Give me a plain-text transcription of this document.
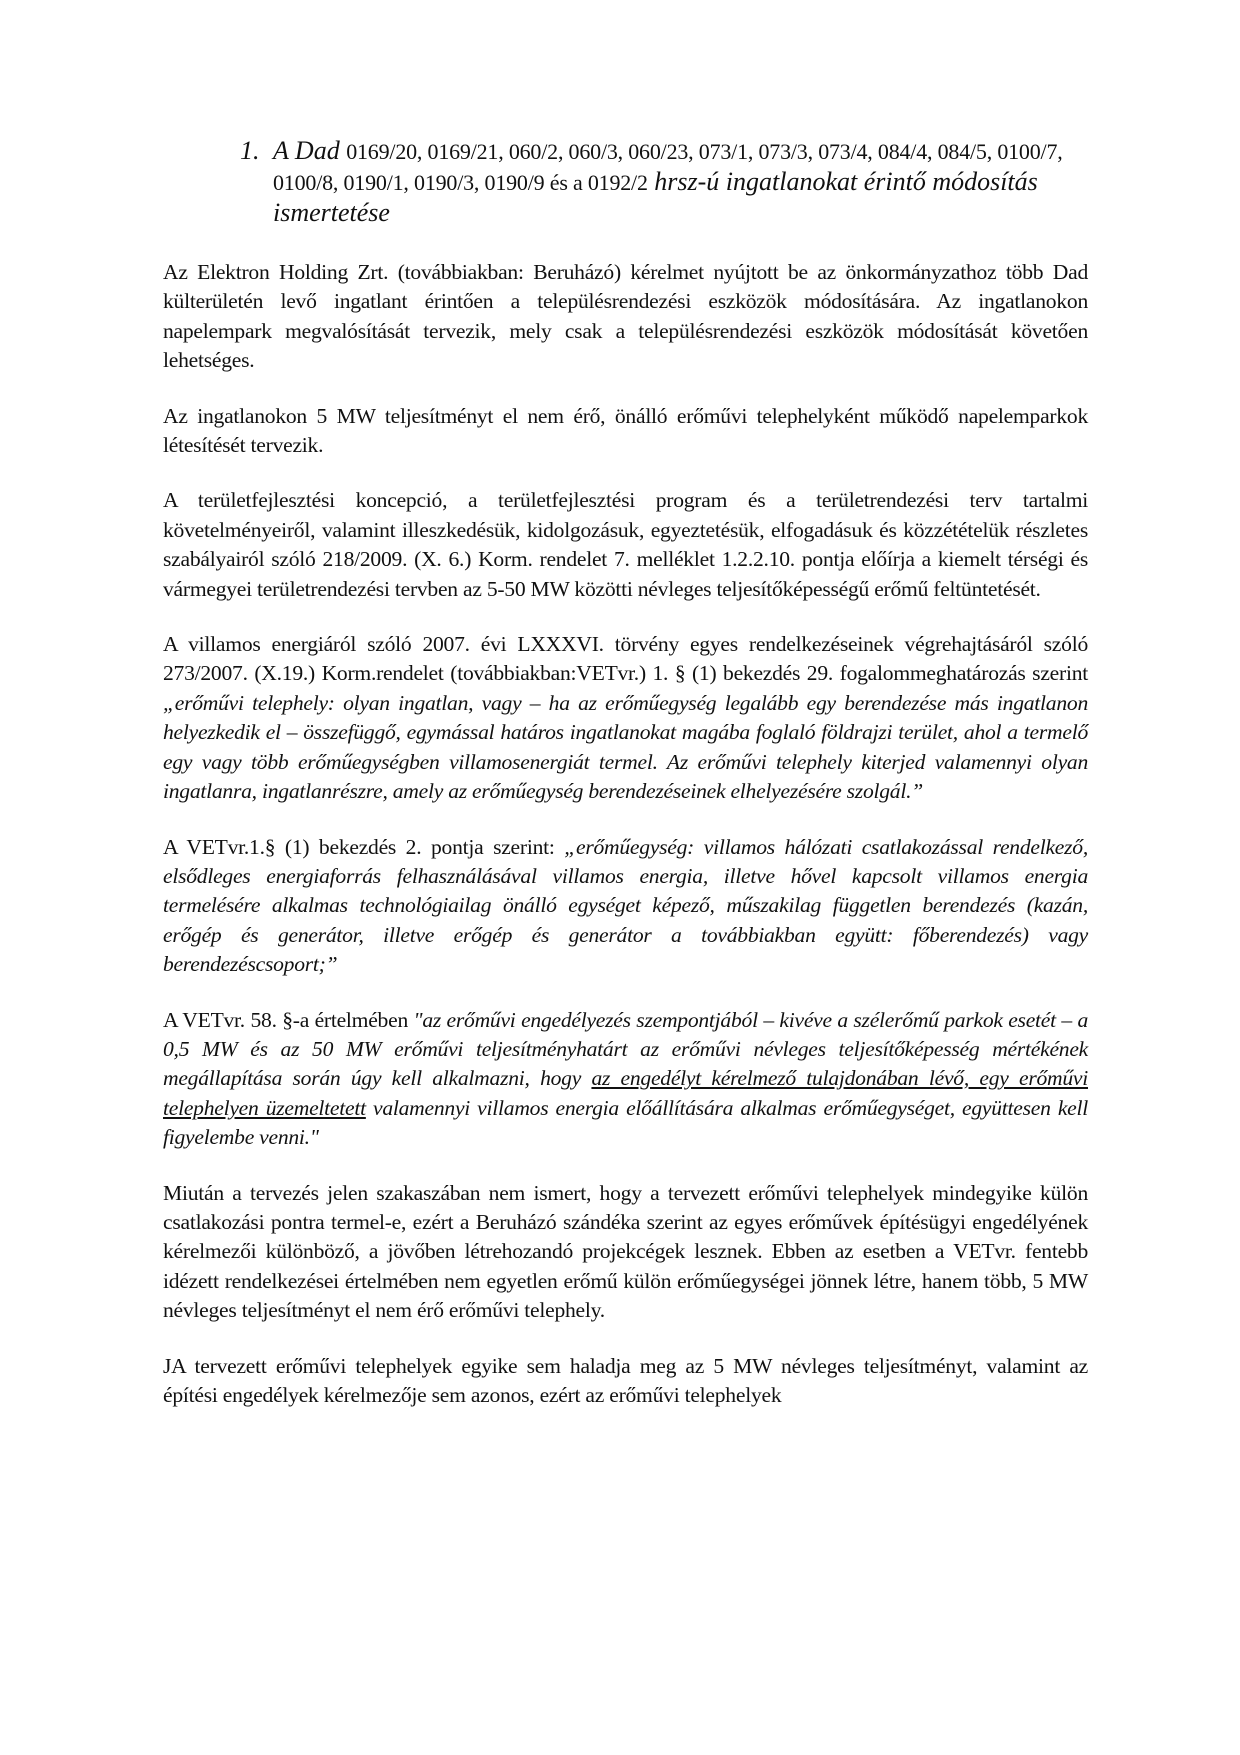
1. A Dad 0169/20, 0169/21, 060/2, 060/3, 060/23, 073/1, 073/3, 073/4, 084/4, 084/5, 0100/7, 0100/8, 0190/1, 0190/3, 0190/9 és a 0192/2 hrsz-ú ingatlanokat érintő módosítás ismertetése

Az Elektron Holding Zrt. (továbbiakban: Beruházó) kérelmet nyújtott be az önkormányzathoz több Dad külterületén levő ingatlant érintően a településrendezési eszközök módosítására. Az ingatlanokon napelempark megvalósítását tervezik, mely csak a településrendezési eszközök módosítását követően lehetséges.

Az ingatlanokon 5 MW teljesítményt el nem érő, önálló erőművi telephelyként működő napelemparkok létesítését tervezik.

A területfejlesztési koncepció, a területfejlesztési program és a területrendezési terv tartalmi követelményeiről, valamint illeszkedésük, kidolgozásuk, egyeztetésük, elfogadásuk és közzétételük részletes szabályairól szóló 218/2009. (X. 6.) Korm. rendelet 7. melléklet 1.2.2.10. pontja előírja a kiemelt térségi és vármegyei területrendezési tervben az 5-50 MW közötti névleges teljesítőképességű erőmű feltüntetését.

A villamos energiáról szóló 2007. évi LXXXVI. törvény egyes rendelkezéseinek végrehajtásáról szóló 273/2007. (X.19.) Korm.rendelet (továbbiakban:VETvr.) 1. § (1) bekezdés 29. fogalommeghatározás szerint „erőművi telephely: olyan ingatlan, vagy – ha az erőműegység legalább egy berendezése más ingatlanon helyezkedik el – összefüggő, egymással határos ingatlanokat magába foglaló földrajzi terület, ahol a termelő egy vagy több erőműegységben villamosenergiát termel. Az erőművi telephely kiterjed valamennyi olyan ingatlanra, ingatlanrészre, amely az erőműegység berendezéseinek elhelyezésére szolgál.”

A VETvr.1.§ (1) bekezdés 2. pontja szerint: „erőműegység: villamos hálózati csatlakozással rendelkező, elsődleges energiaforrás felhasználásával villamos energia, illetve hővel kapcsolt villamos energia termelésére alkalmas technológiailag önálló egységet képező, műszakilag független berendezés (kazán, erőgép és generátor, illetve erőgép és generátor a továbbiakban együtt: főberendezés) vagy berendezéscsoport;”

A VETvr. 58. §-a értelmében "az erőművi engedélyezés szempontjából – kivéve a szélerőmű parkok esetét – a 0,5 MW és az 50 MW erőművi teljesítményhatárt az erőművi névleges teljesítőképesség mértékének megállapítása során úgy kell alkalmazni, hogy az engedélyt kérelmező tulajdonában lévő, egy erőművi telephelyen üzemeltetett valamennyi villamos energia előállítására alkalmas erőműegységet, együttesen kell figyelembe venni."

Miután a tervezés jelen szakaszában nem ismert, hogy a tervezett erőművi telephelyek mindegyike külön csatlakozási pontra termel-e, ezért a Beruházó szándéka szerint az egyes erőművek építésügyi engedélyének kérelmezői különböző, a jövőben létrehozandó projekcégek lesznek. Ebben az esetben a VETvr. fentebb idézett rendelkezései értelmében nem egyetlen erőmű külön erőműegységei jönnek létre, hanem több, 5 MW névleges teljesítményt el nem érő erőművi telephely.

JA tervezett erőművi telephelyek egyike sem haladja meg az 5 MW névleges teljesítményt, valamint az építési engedélyek kérelmezője sem azonos, ezért az erőművi telephelyek
